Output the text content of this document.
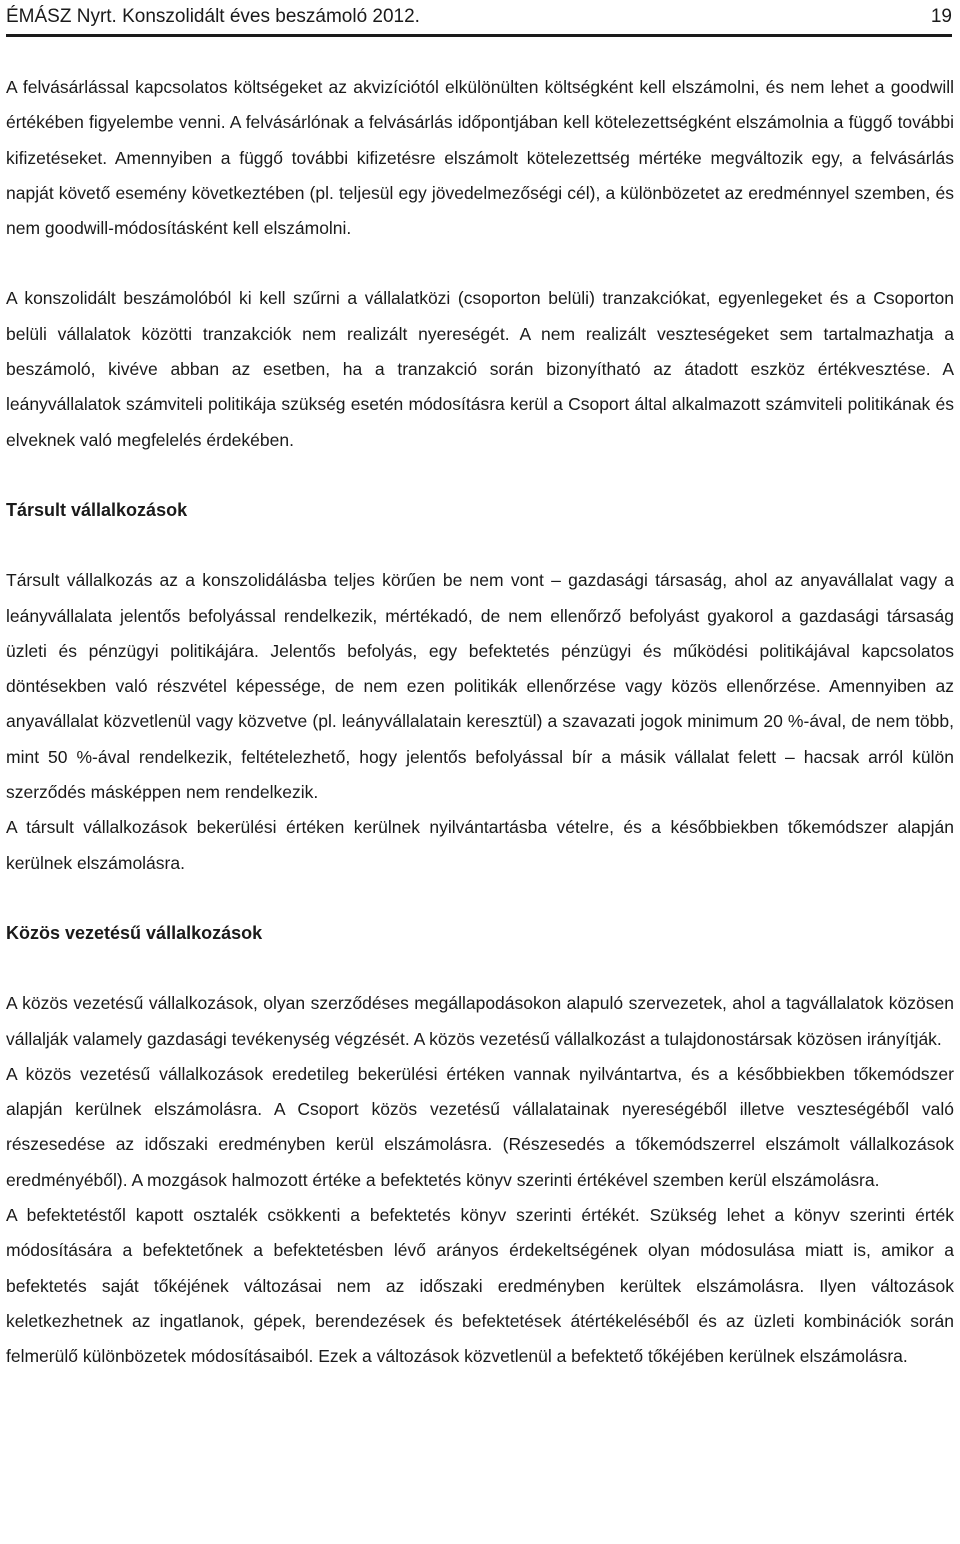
ÉMÁSZ Nyrt. Konszolidált éves beszámoló 2012.	19

A felvásárlással kapcsolatos költségeket az akvizíciótól elkülönülten költségként kell elszámolni, és nem lehet a goodwill értékében figyelembe venni. A felvásárlónak a felvásárlás időpontjában kell kötelezettségként elszámolnia a függő további kifizetéseket. Amennyiben a függő további kifizetésre elszámolt kötelezettség mértéke megváltozik egy, a felvásárlás napját követő esemény következtében (pl. teljesül egy jövedelmezőségi cél), a különbözetet az eredménnyel szemben, és nem goodwill-módosításként kell elszámolni.

A konszolidált beszámolóból ki kell szűrni a vállalatközi (csoporton belüli) tranzakciókat, egyenlegeket és a Csoporton belüli vállalatok közötti tranzakciók nem realizált nyereségét. A nem realizált veszteségeket sem tartalmazhatja a beszámoló, kivéve abban az esetben, ha a tranzakció során bizonyítható az átadott eszköz értékvesztése. A leányvállalatok számviteli politikája szükség esetén módosításra kerül a Csoport által alkalmazott számviteli politikának és elveknek való megfelelés érdekében.

Társult vállalkozások

Társult vállalkozás az a konszolidálásba teljes körűen be nem vont – gazdasági társaság, ahol az anyavállalat vagy a leányvállalata jelentős befolyással rendelkezik, mértékadó, de nem ellenőrző befolyást gyakorol a gazdasági társaság üzleti és pénzügyi politikájára. Jelentős befolyás, egy befektetés pénzügyi és működési politikájával kapcsolatos döntésekben való részvétel képessége, de nem ezen politikák ellenőrzése vagy közös ellenőrzése. Amennyiben az anyavállalat közvetlenül vagy közvetve (pl. leányvállalatain keresztül) a szavazati jogok minimum 20 %-ával, de nem több, mint 50 %-ával rendelkezik, feltételezhető, hogy jelentős befolyással bír a másik vállalat felett – hacsak arról külön szerződés másképpen nem rendelkezik.

A társult vállalkozások bekerülési értéken kerülnek nyilvántartásba vételre, és a későbbiekben tőkemódszer alapján kerülnek elszámolásra.

Közös vezetésű vállalkozások

A közös vezetésű vállalkozások, olyan szerződéses megállapodásokon alapuló szervezetek, ahol a tagvállalatok közösen vállalják valamely gazdasági tevékenység végzését. A közös vezetésű vállalkozást a tulajdonostársak közösen irányítják.

A közös vezetésű vállalkozások eredetileg bekerülési értéken vannak nyilvántartva, és a későbbiekben tőkemódszer alapján kerülnek elszámolásra. A Csoport közös vezetésű vállalatainak nyereségéből illetve veszteségéből való részesedése az időszaki eredményben kerül elszámolásra. (Részesedés a tőkemódszerrel elszámolt vállalkozások eredményéből). A mozgások halmozott értéke a befektetés könyv szerinti értékével szemben kerül elszámolásra.

A befektetéstől kapott osztalék csökkenti a befektetés könyv szerinti értékét. Szükség lehet a könyv szerinti érték módosítására a befektetőnek a befektetésben lévő arányos érdekeltségének olyan módosulása miatt is, amikor a befektetés saját tőkéjének változásai nem az időszaki eredményben kerültek elszámolásra. Ilyen változások keletkezhetnek az ingatlanok, gépek, berendezések és befektetések átértékeléséből és az üzleti kombinációk során felmerülő különbözetek módosításaiból. Ezek a változások közvetlenül a befektető tőkéjében kerülnek elszámolásra.
